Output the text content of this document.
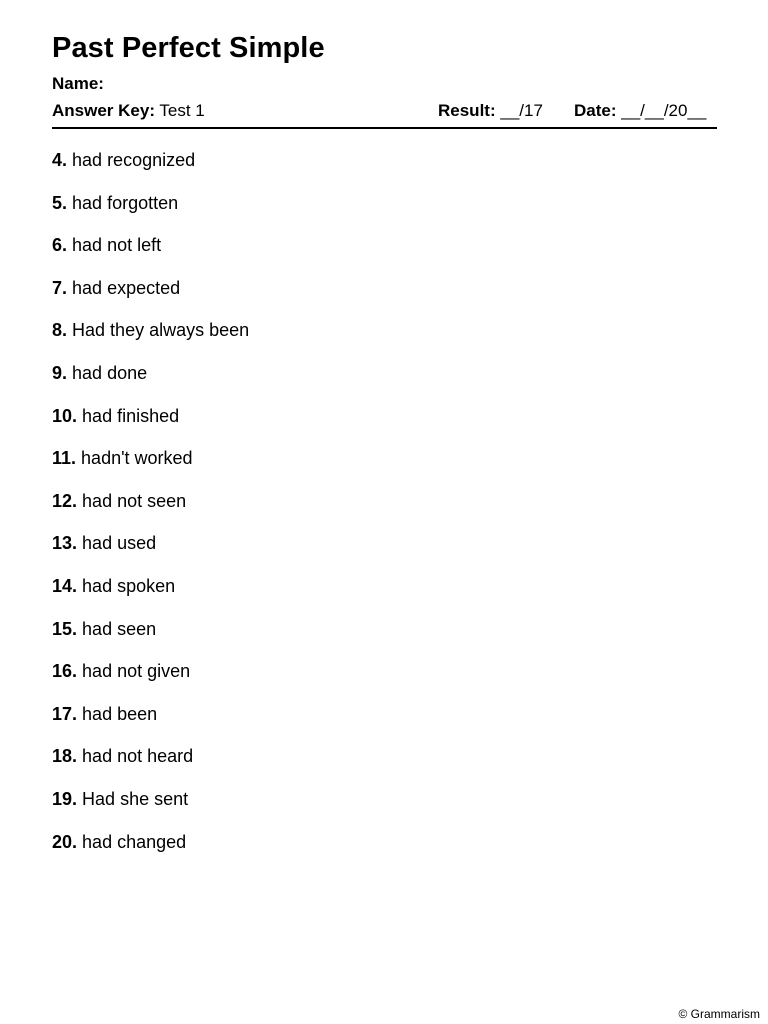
Past Perfect Simple
Name:
Answer Key: Test 1	Result: __/17 Date: __/__/20__
4. had recognized
5. had forgotten
6. had not left
7. had expected
8. Had they always been
9. had done
10. had finished
11. hadn't worked
12. had not seen
13. had used
14. had spoken
15. had seen
16. had not given
17. had been
18. had not heard
19. Had she sent
20. had changed
© Grammarism
